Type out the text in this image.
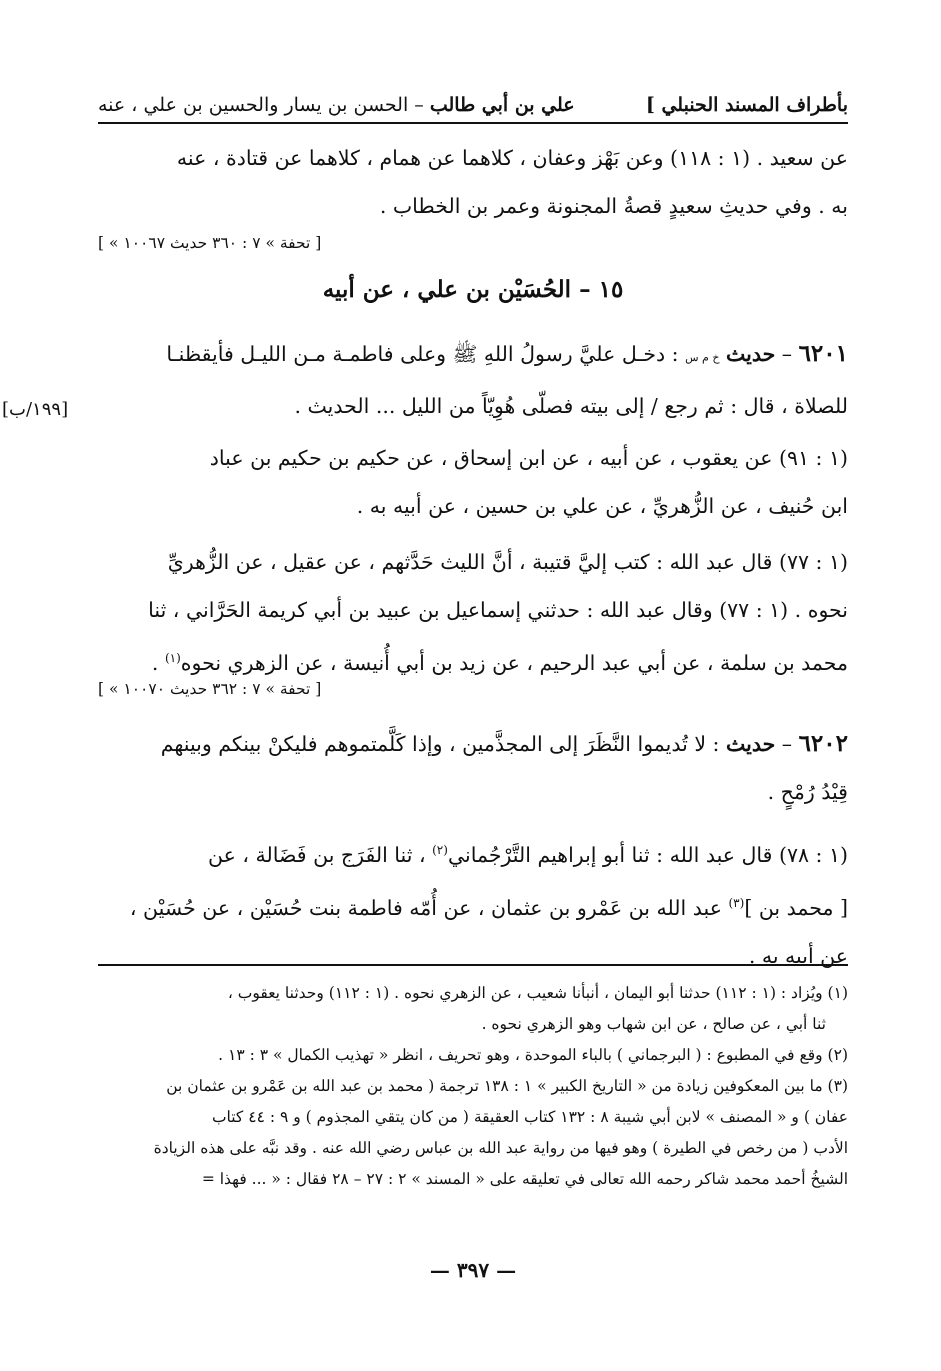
بأطراف المسند الحنبلي ]
علي بن أبي طالب – الحسن بن يسار والحسين بن علي ، عنه
عن سعيد . (١ : ١١٨) وعن بَهْز وعفان ، كلاهما عن همام ، كلاهما عن قتادة ، عنه
به . وفي حديثِ سعيدٍ قصةُ المجنونة وعمر بن الخطاب .
[ « تحفة » ٧ : ٣٦٠ حديث ١٠٠٦٧ ]
١٥ – الحُسَيْن بن علي ، عن أبيه
٦٢٠١ – حديث خ م س : دخـل عليَّ رسولُ اللهِ ﷺ وعلى فاطمـة مـن الليـل فأيقظنـا
للصلاة ، قال : ثم رجع / إلى بيته فصلّى هُوِيّاً من الليل ... الحديث .
[١٩٩/ب]
(١ : ٩١) عن يعقوب ، عن أبيه ، عن ابن إسحاق ، عن حكيم بن حكيم بن عباد
ابن حُنيف ، عن الزُّهريِّ ، عن علي بن حسين ، عن أبيه به .
(١ : ٧٧) قال عبد الله : كتب إليَّ قتيبة ، أنَّ الليث حَدَّثهم ، عن عقيل ، عن الزُّهريِّ
نحوه . (١ : ٧٧) وقال عبد الله : حدثني إسماعيل بن عبيد بن أبي كريمة الحَرَّاني ، ثنا
محمد بن سلمة ، عن أبي عبد الرحيم ، عن زيد بن أبي أُنيسة ، عن الزهري نحوه$^{(١)}$ .
[ « تحفة » ٧ : ٣٦٢ حديث ١٠٠٧٠ ]
٦٢٠٢ – حديث : لا تُديموا النَّظَرَ إلى المجذَّمين ، وإذا كَلَّمتموهم فليكنْ بينكم وبينهم
قِيْدُ رُمْحٍ .
(١ : ٧٨) قال عبد الله : ثنا أبو إبراهيم التَّرْجُماني$^{(٢)}$ ، ثنا الفَرَج بن فَضَالة ، عن
[ محمد بن ]$^{(٣)}$ عبد الله بن عَمْرو بن عثمان ، عن أُمّه فاطمة بنت حُسَيْن ، عن حُسَيْن ،
عن أبيه به .
(١) ويُزاد : (١ : ١١٢) حدثنا أبو اليمان ، أنبأنا شعيب ، عن الزهري نحوه . (١ : ١١٢) وحدثنا يعقوب ،
ثنا أبي ، عن صالح ، عن ابن شهاب وهو الزهري نحوه .
(٢) وقع في المطبوع : ( البرجماني ) بالباء الموحدة ، وهو تحريف ، انظر « تهذيب الكمال » ٣ : ١٣ .
(٣) ما بين المعكوفين زيادة من « التاريخ الكبير » ١ : ١٣٨ ترجمة ( محمد بن عبد الله بن عَمْرو بن عثمان بن
عفان ) و « المصنف » لابن أبي شيبة ٨ : ١٣٢ كتاب العقيقة ( من كان يتقي المجذوم ) و ٩ : ٤٤ كتاب
الأدب ( من رخص في الطيرة ) وهو فيها من رواية عبد الله بن عباس رضي الله عنه . وقد نبَّه على هذه الزيادة
الشيخُ أحمد محمد شاكر رحمه الله تعالى في تعليقه على « المسند » ٢ : ٢٧ – ٢٨ فقال : « ... فهذا =
— ٣٩٧ —
